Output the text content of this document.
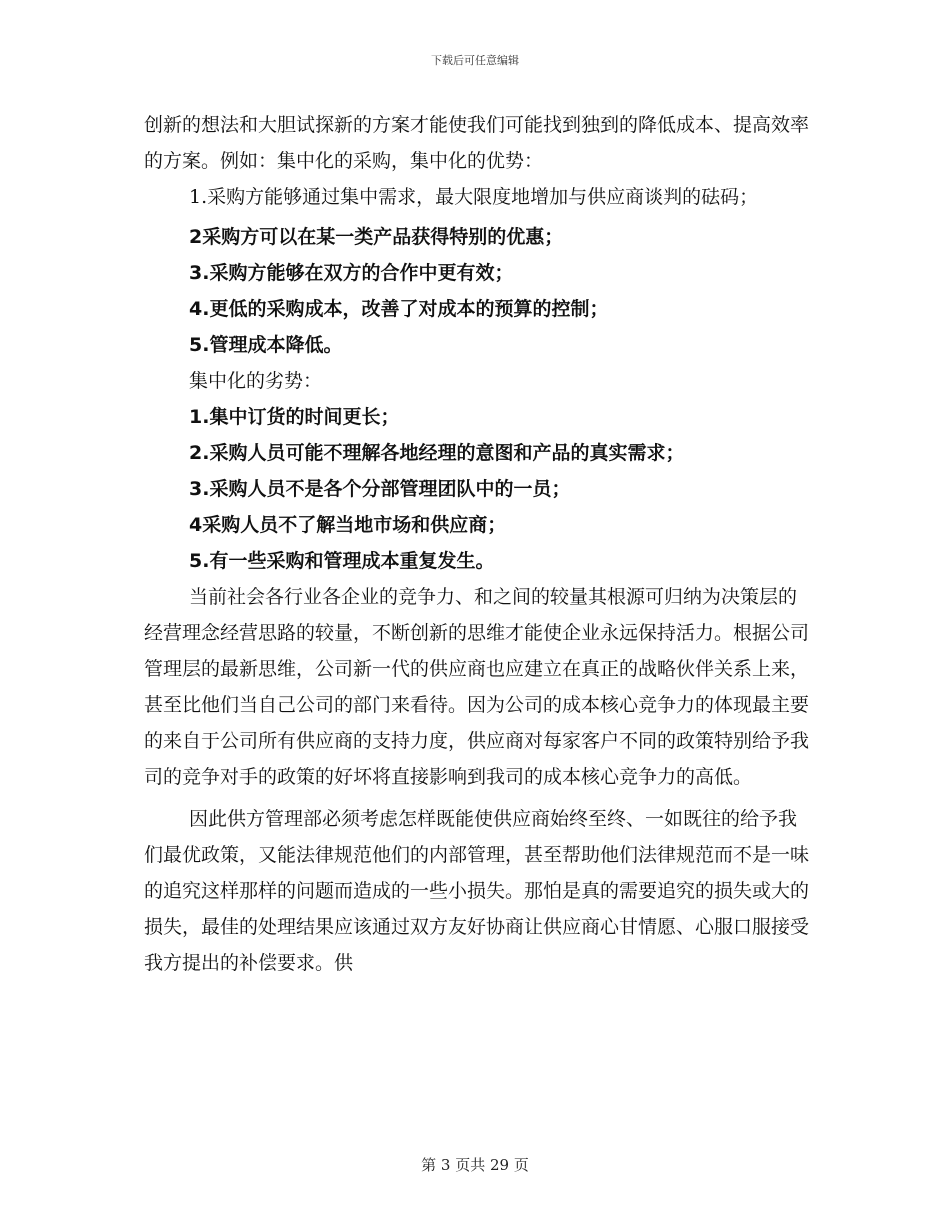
下载后可任意编辑

创新的想法和大胆试探新的方案才能使我们可能找到独到的降低成本、提高效率的方案。例如：集中化的采购，集中化的优势：

1.采购方能够通过集中需求，最大限度地增加与供应商谈判的砝码；

2采购方可以在某一类产品获得特别的优惠；

3.采购方能够在双方的合作中更有效；

4.更低的采购成本，改善了对成本的预算的控制；

5.管理成本降低。

集中化的劣势：

1.集中订货的时间更长；

2.采购人员可能不理解各地经理的意图和产品的真实需求；

3.采购人员不是各个分部管理团队中的一员；

4采购人员不了解当地市场和供应商；

5.有一些采购和管理成本重复发生。

当前社会各行业各企业的竞争力、和之间的较量其根源可归纳为决策层的经营理念经营思路的较量，不断创新的思维才能使企业永远保持活力。根据公司管理层的最新思维，公司新一代的供应商也应建立在真正的战略伙伴关系上来，甚至比他们当自己公司的部门来看待。因为公司的成本核心竞争力的体现最主要的来自于公司所有供应商的支持力度，供应商对每家客户不同的政策特别给予我司的竞争对手的政策的好坏将直接影响到我司的成本核心竞争力的高低。

因此供方管理部必须考虑怎样既能使供应商始终至终、一如既往的给予我们最优政策，又能法律规范他们的内部管理，甚至帮助他们法律规范而不是一味的追究这样那样的问题而造成的一些小损失。那怕是真的需要追究的损失或大的损失，最佳的处理结果应该通过双方友好协商让供应商心甘情愿、心服口服接受我方提出的补偿要求。供

第 3 页共 29 页
